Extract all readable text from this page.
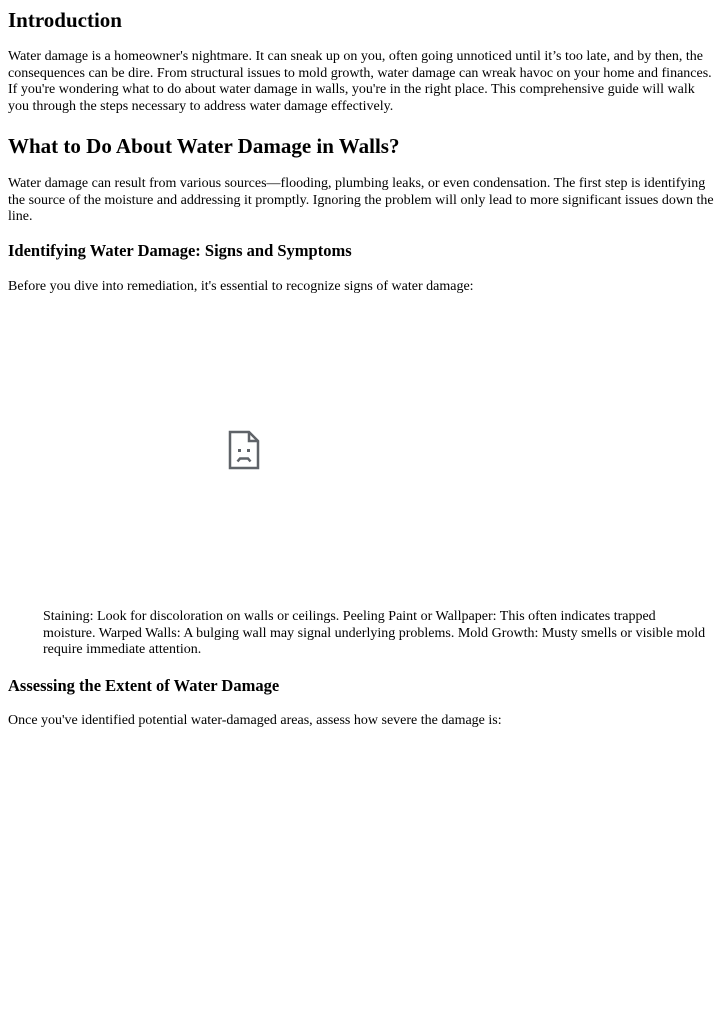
Introduction

Water damage is a homeowner's nightmare. It can sneak up on you, often going unnoticed until it’s too late, and by then, the consequences can be dire. From structural issues to mold growth, water damage can wreak havoc on your home and finances. If you're wondering what to do about water damage in walls, you're in the right place. This comprehensive guide will walk you through the steps necessary to address water damage effectively.

What to Do About Water Damage in Walls?

Water damage can result from various sources—flooding, plumbing leaks, or even condensation. The first step is identifying the source of the moisture and addressing it promptly. Ignoring the problem will only lead to more significant issues down the line.

Identifying Water Damage: Signs and Symptoms

Before you dive into remediation, it's essential to recognize signs of water damage:

Staining: Look for discoloration on walls or ceilings. Peeling Paint or Wallpaper: This often indicates trapped moisture. Warped Walls: A bulging wall may signal underlying problems. Mold Growth: Musty smells or visible mold require immediate attention.

Assessing the Extent of Water Damage

Once you've identified potential water-damaged areas, assess how severe the damage is:
